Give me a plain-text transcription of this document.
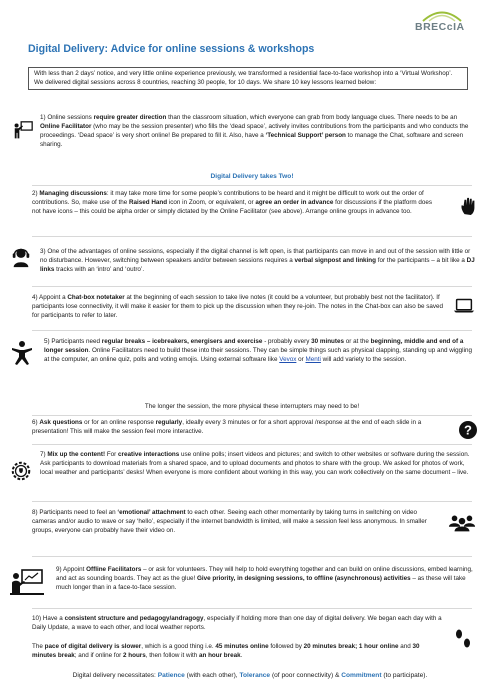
BRECcIA
Digital Delivery: Advice for online sessions & workshops
With less than 2 days’ notice, and very little online experience previously, we transformed a residential face-to-face workshop into a ‘Virtual Workshop’. We delivered digital sessions across 8 countries, reaching 30 people, for 10 days. We share 10 key lessons learned below:
1) Online sessions require greater direction than the classroom situation, which everyone can grab from body language clues. There needs to be an Online Facilitator (who may be the session presenter) who fills the ‘dead space’, actively invites contributions from the participants and who conducts the proceedings. ‘Dead space’ is very short online! Be prepared to fill it. Also, have a ‘Technical Support’ person to manage the Chat, software and screen sharing.
Digital Delivery takes Two!
2) Managing discussions: it may take more time for some people’s contributions to be heard and it might be difficult to work out the order of contributions. So, make use of the Raised Hand icon in Zoom, or equivalent, or agree an order in advance for discussions if the platform does not have icons – this could be alpha order or simply dictated by the Online Facilitator (see above). Arrange online groups in advance too.
3) One of the advantages of online sessions, especially if the digital channel is left open, is that participants can move in and out of the session with little or no disturbance. However, switching between speakers and/or between sessions requires a verbal signpost and linking for the participants – a bit like a DJ links tracks with an ‘intro’ and ‘outro’.
4) Appoint a Chat-box notetaker at the beginning of each session to take live notes (it could be a volunteer, but probably best not the facilitator). If participants lose connectivity, it will make it easier for them to pick up the discussion when they re-join. The notes in the Chat-box can also be saved for participants to refer to later.
5) Participants need regular breaks – icebreakers, energisers and exercise - probably every 30 minutes or at the beginning, middle and end of a longer session. Online Facilitators need to build these into their sessions. They can be simple things such as physical clapping, standing up and wiggling at the computer, an online quiz, polls and voting emojis. Using external software like Vevox or Menti will add variety to the session.
The longer the session, the more physical these interrupters may need to be!
6) Ask questions or for an online response regularly, ideally every 3 minutes or for a short approval /response at the end of each slide in a presentation! This will make the session feel more interactive.	?
7) Mix up the content! For creative interactions use online polls; insert videos and pictures; and switch to other websites or software during the session. Ask participants to download materials from a shared space, and to upload documents and photos to share with the group. We asked for photos of work, local weather and participants’ desks! When everyone is more confident about working in this way, you can work collectively on the same document – live.
8) Participants need to feel an ‘emotional’ attachment to each other. Seeing each other momentarily by taking turns in switching on video cameras and/or audio to wave or say ‘hello’, especially if the internet bandwidth is limited, will make a session feel less anonymous. In smaller groups, everyone can probably have their video on.
9) Appoint Offline Facilitators – or ask for volunteers. They will help to hold everything together and can build on online discussions, embed learning, and act as sounding boards. They act as the glue! Give priority, in designing sessions, to offline (asynchronous) activities – as these will take much longer than in a face-to-face session.
10) Have a consistent structure and pedagogy/andragogy, especially if holding more than one day of digital delivery. We began each day with a Daily Update, a wave to each other, and local weather reports.
The pace of digital delivery is slower, which is a good thing i.e. 45 minutes online followed by 20 minutes break; 1 hour online and 30 minutes break; and if online for 2 hours, then follow it with an hour break.
Digital delivery necessitates: Patience (with each other), Tolerance (of poor connectivity) & Commitment (to participate).
